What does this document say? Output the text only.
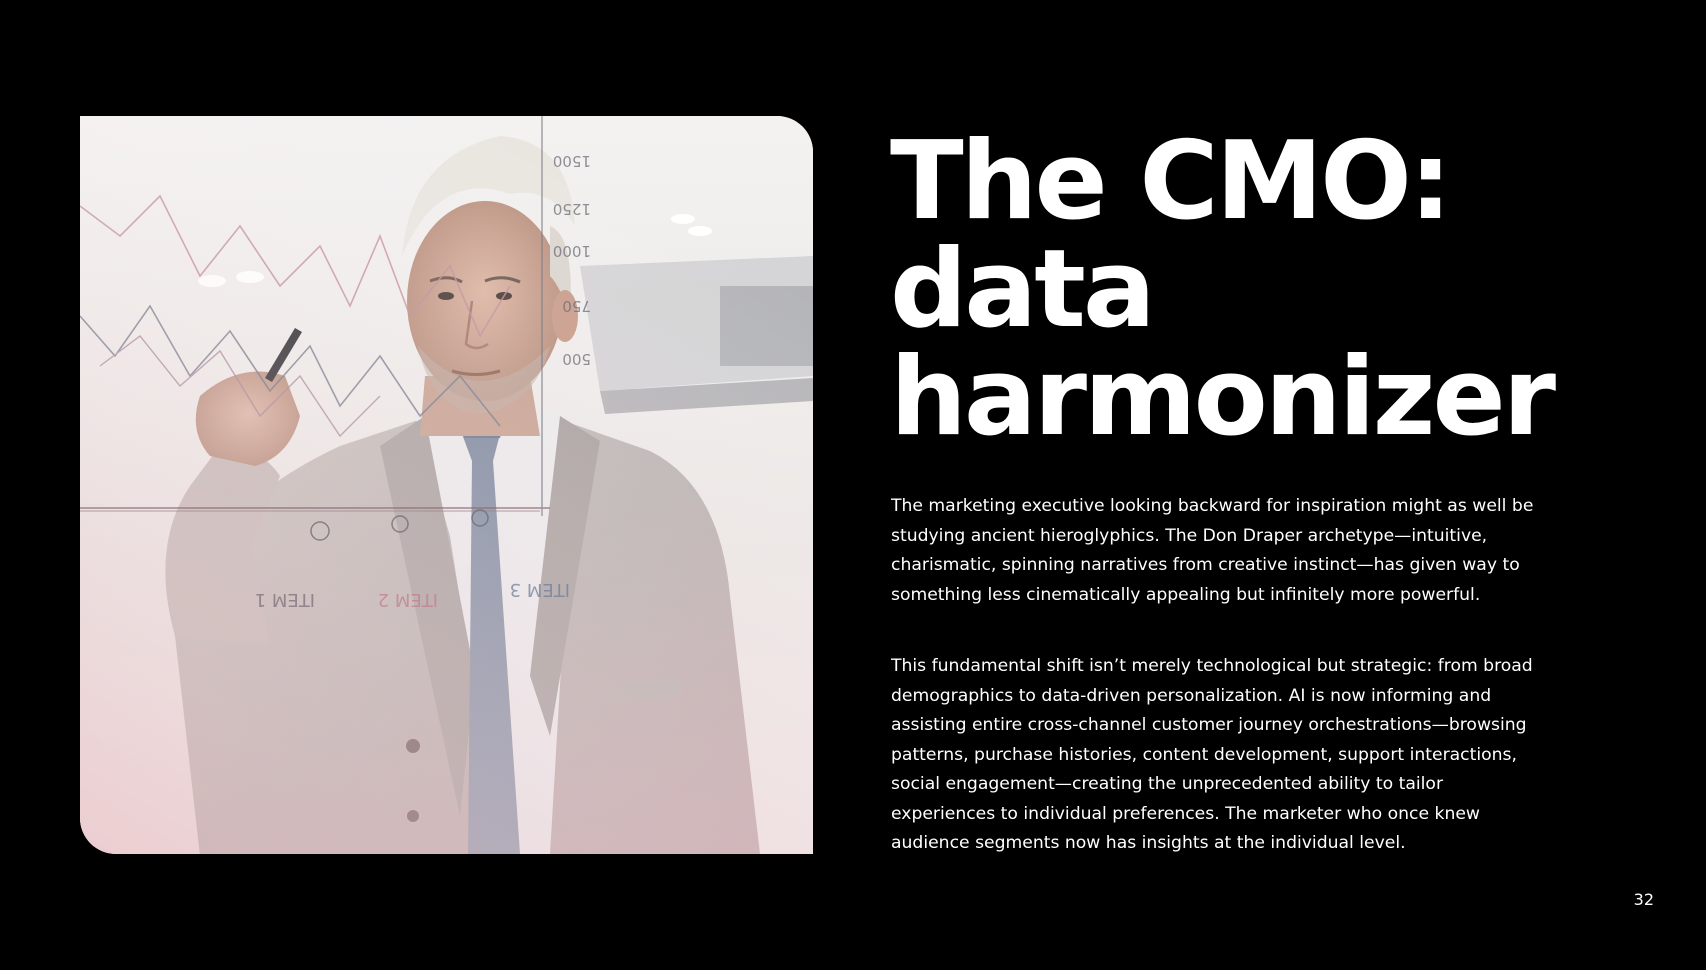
1500
1250
1000
750
500
ITEM 1	ITEM 2	ITEM 3
The CMO:
data
harmonizer

The marketing executive looking backward for inspiration might as well be studying ancient hieroglyphics. The Don Draper archetype—intuitive, charismatic, spinning narratives from creative instinct—has given way to something less cinematically appealing but infinitely more powerful.

This fundamental shift isn’t merely technological but strategic: from broad demographics to data-driven personalization. AI is now informing and assisting entire cross-channel customer journey orchestrations—browsing patterns, purchase histories, content development, support interactions, social engagement—creating the unprecedented ability to tailor experiences to individual preferences. The marketer who once knew audience segments now has insights at the individual level.

32
